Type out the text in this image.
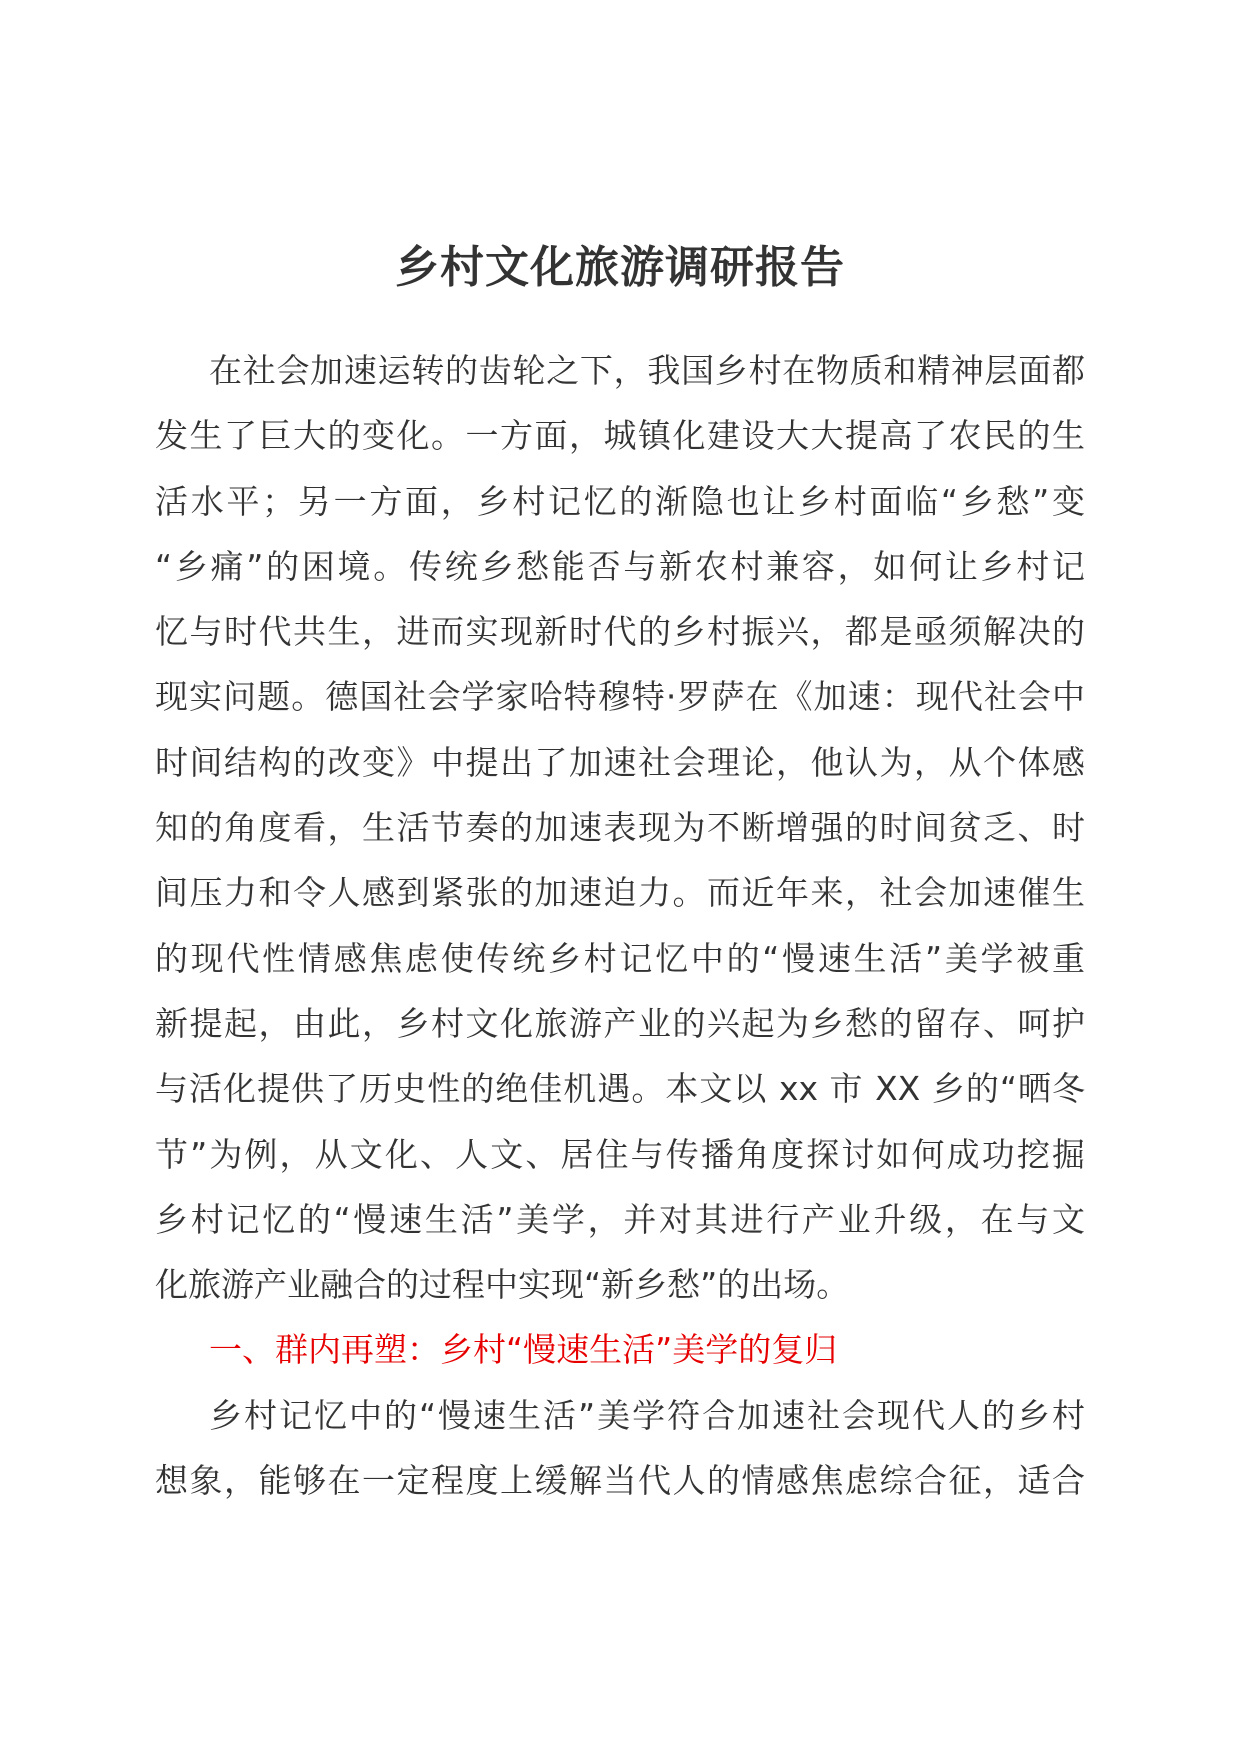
乡村文化旅游调研报告
在社会加速运转的齿轮之下，我国乡村在物质和精神层面都
发生了巨大的变化。一方面，城镇化建设大大提高了农民的生
活水平；另一方面，乡村记忆的渐隐也让乡村面临“乡愁”变
“乡痛”的困境。传统乡愁能否与新农村兼容，如何让乡村记
忆与时代共生，进而实现新时代的乡村振兴，都是亟须解决的
现实问题。德国社会学家哈特穆特·罗萨在《加速：现代社会中
时间结构的改变》中提出了加速社会理论，他认为，从个体感
知的角度看，生活节奏的加速表现为不断增强的时间贫乏、时
间压力和令人感到紧张的加速迫力。而近年来，社会加速催生
的现代性情感焦虑使传统乡村记忆中的“慢速生活”美学被重
新提起，由此，乡村文化旅游产业的兴起为乡愁的留存、呵护
与活化提供了历史性的绝佳机遇。本文以 xx 市 XX 乡的“晒冬
节”为例，从文化、人文、居住与传播角度探讨如何成功挖掘
乡村记忆的“慢速生活”美学，并对其进行产业升级，在与文
化旅游产业融合的过程中实现“新乡愁”的出场。
一、群内再塑：乡村“慢速生活”美学的复归
乡村记忆中的“慢速生活”美学符合加速社会现代人的乡村
想象，能够在一定程度上缓解当代人的情感焦虑综合征，适合
